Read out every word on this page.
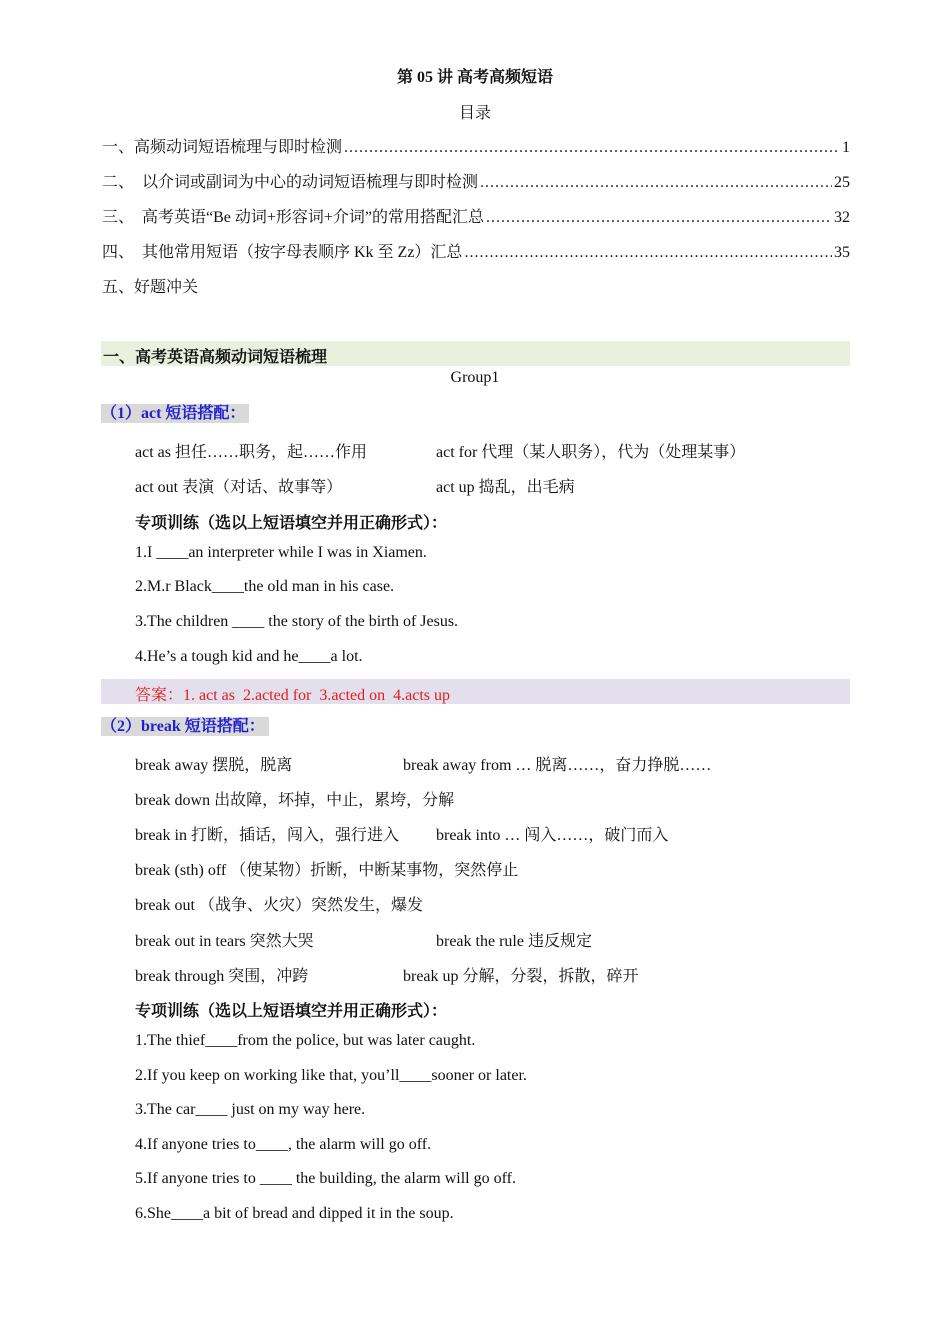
第 05 讲 高考高频短语
目录
一、高频动词短语梳理与即时检测 .....	1
二、  以介词或副词为中心的动词短语梳理与即时检测 .....	25
三、  高考英语“Be 动词+形容词+介词”的常用搭配汇总 .....	32
四、  其他常用短语（按字母表顺序 Kk 至 Zz）汇总 .....	35
五、好题冲关
一、高考英语高频动词短语梳理
Group1
（1）act 短语搭配：
act as 担任……职务，起……作用	act for 代理（某人职务），代为（处理某事）
act out 表演（对话、故事等）	act up 捣乱，出毛病
专项训练（选以上短语填空并用正确形式）：
1.I ____an interpreter while I was in Xiamen.
2.M.r Black____the old man in his case.
3.The children ____ the story of the birth of Jesus.
4.He’s a tough kid and he____a lot.
答案：1. act as  2.acted for  3.acted on  4.acts up
（2）break 短语搭配：
break away 摆脱，脱离	break away from … 脱离……，奋力挣脱……
break down 出故障，坏掉，中止，累垮，分解
break in 打断，插话，闯入，强行进入 break into … 闯入……，破门而入
break (sth) off （使某物）折断，中断某事物，突然停止
break out （战争、火灾）突然发生，爆发
break out in tears 突然大哭	break the rule 违反规定
break through 突围，冲跨	break up 分解，分裂，拆散，碎开
专项训练（选以上短语填空并用正确形式）：
1.The thief____from the police, but was later caught.
2.If you keep on working like that, you’ll____sooner or later.
3.The car____ just on my way here.
4.If anyone tries to____, the alarm will go off.
5.If anyone tries to ____ the building, the alarm will go off.
6.She____a bit of bread and dipped it in the soup.
